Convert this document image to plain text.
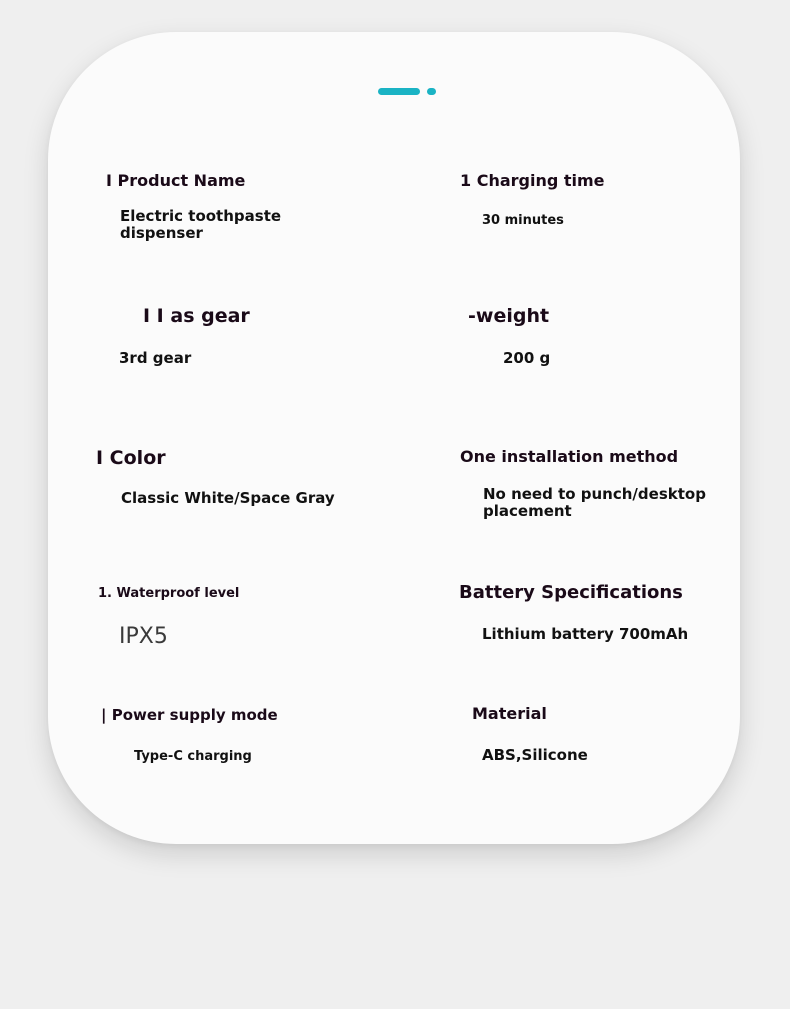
I Product Name

Electric toothpaste dispenser

1 Charging time

30 minutes

I I as gear

3rd gear

-weight

200 g

I Color

Classic White/Space Gray

One installation method

No need to punch/desktop placement

1. Waterproof level

IPX5

Battery Specifications

Lithium battery 700mAh

| Power supply mode

Type-C charging

Material

ABS,Silicone
